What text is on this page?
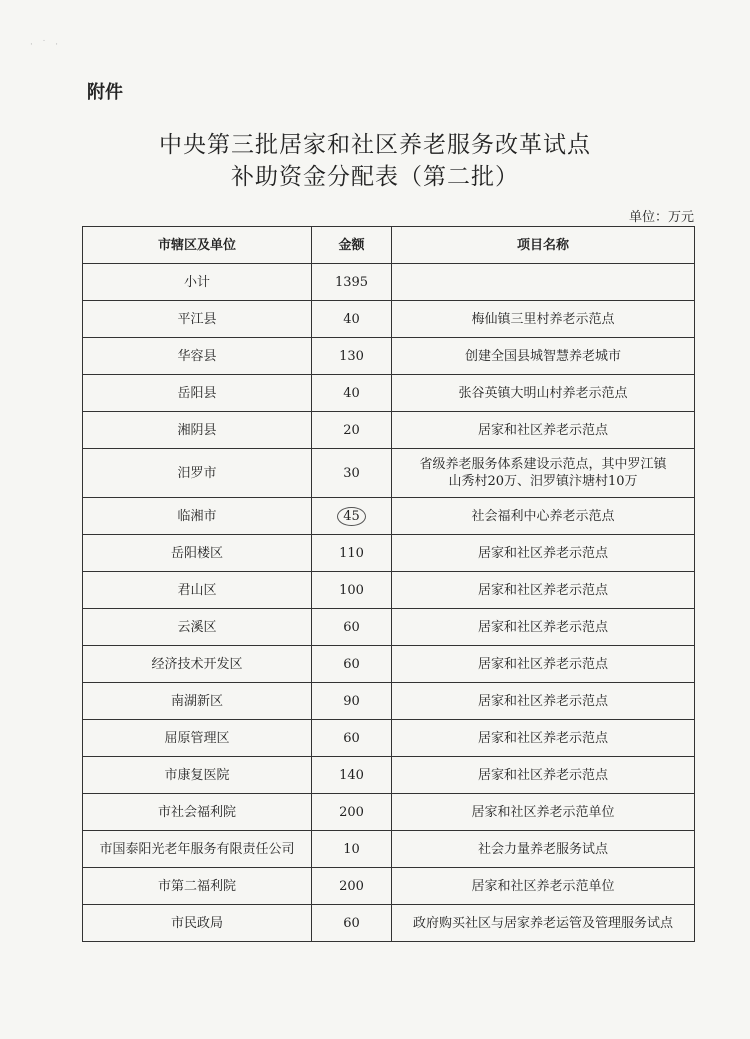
· ˙ ·
附件
中央第三批居家和社区养老服务改革试点
补助资金分配表（第二批）
单位：万元
市辖区及单位	金额	项目名称
小计	1395	
平江县	40	梅仙镇三里村养老示范点
华容县	130	创建全国县城智慧养老城市
岳阳县	40	张谷英镇大明山村养老示范点
湘阴县	20	居家和社区养老示范点
汨罗市	30	省级养老服务体系建设示范点，其中罗江镇
山秀村20万、汨罗镇汴塘村10万

临湘市	45	社会福利中心养老示范点
岳阳楼区	110	居家和社区养老示范点
君山区	100	居家和社区养老示范点
云溪区	60	居家和社区养老示范点
经济技术开发区	60	居家和社区养老示范点
南湖新区	90	居家和社区养老示范点
屈原管理区	60	居家和社区养老示范点
市康复医院	140	居家和社区养老示范点
市社会福利院	200	居家和社区养老示范单位
市国泰阳光老年服务有限责任公司	10	社会力量养老服务试点
市第二福利院	200	居家和社区养老示范单位
市民政局	60	政府购买社区与居家养老运管及管理服务试点
